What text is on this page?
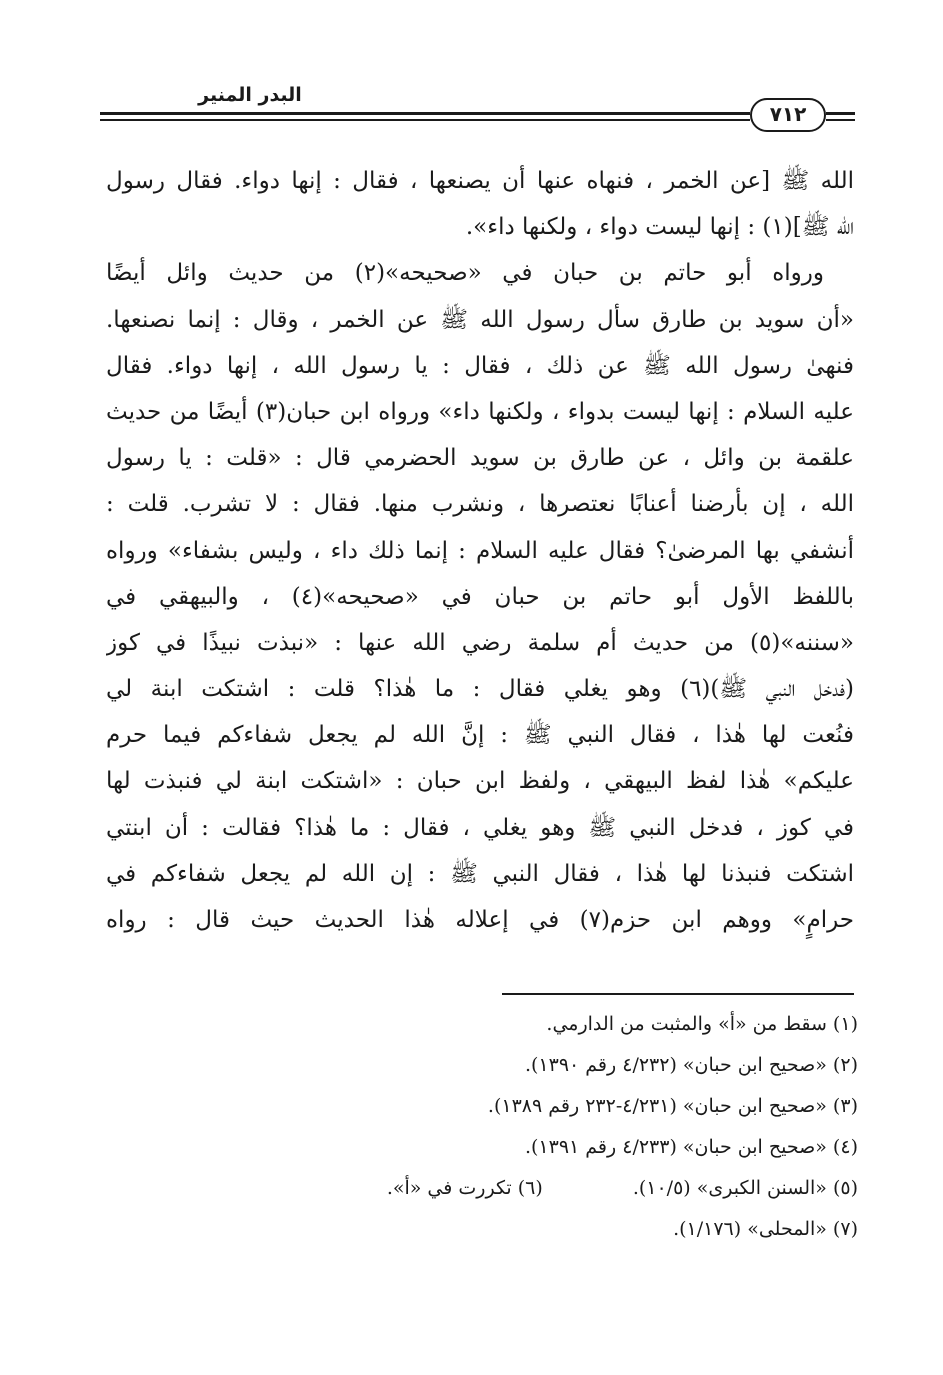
البدر المنير
٧١٢
الله ﷺ [عن الخمر ، فنهاه عنها أن يصنعها ، فقال : إنها دواء. فقال رسول
الله ﷺ](١) : إنها ليست دواء ، ولكنها داء».
ورواه أبو حاتم بن حبان في «صحيحه»(٢) من حديث وائل أيضًا
«أن سويد بن طارق سأل رسول الله ﷺ عن الخمر ، وقال : إنما نصنعها.
فنهىٰ رسول الله ﷺ عن ذلك ، فقال : يا رسول الله ، إنها دواء. فقال
عليه السلام : إنها ليست بدواء ، ولكنها داء» ورواه ابن حبان(٣) أيضًا من حديث
علقمة بن وائل ، عن طارق بن سويد الحضرمي قال : «قلت : يا رسول
الله ، إن بأرضنا أعنابًا نعتصرها ، ونشرب منها. فقال : لا تشرب. قلت :
أنشفي بها المرضىٰ؟ فقال عليه السلام : إنما ذلك داء ، وليس بشفاء» ورواه
باللفظ الأول أبو حاتم بن حبان في «صحيحه»(٤) ، والبيهقي في
«سننه»(٥) من حديث أم سلمة رضي الله عنها : «نبذت نبيذًا في كوز
(فدخل النبي ﷺ)(٦) وهو يغلي فقال : ما هٰذا؟ قلت : اشتكت ابنة لي
فنُعت لها هٰذا ، فقال النبي ﷺ : إنَّ الله لم يجعل شفاءكم فيما حرم
عليكم» هٰذا لفظ البيهقي ، ولفظ ابن حبان : «اشتكت ابنة لي فنبذت لها
في كوز ، فدخل النبي ﷺ وهو يغلي ، فقال : ما هٰذا؟ فقالت : أن ابنتي
اشتكت فنبذنا لها هٰذا ، فقال النبي ﷺ : إن الله لم يجعل شفاءكم في
حرامٍ» ووهم ابن حزم(٧) في إعلاله هٰذا الحديث حيث قال : رواه
(١) سقط من «أ» والمثبت من الدارمي.
(٢) «صحيح ابن حبان» (٤/٢٣٢ رقم ١٣٩٠).
(٣) «صحيح ابن حبان» (٤/٢٣١-٢٣٢ رقم ١٣٨٩).
(٤) «صحيح ابن حبان» (٤/٢٣٣ رقم ١٣٩١).
(٥) «السنن الكبرى» (١٠/٥).(٦) تكررت في «أ».
(٧) «المحلى» (١/١٧٦).
